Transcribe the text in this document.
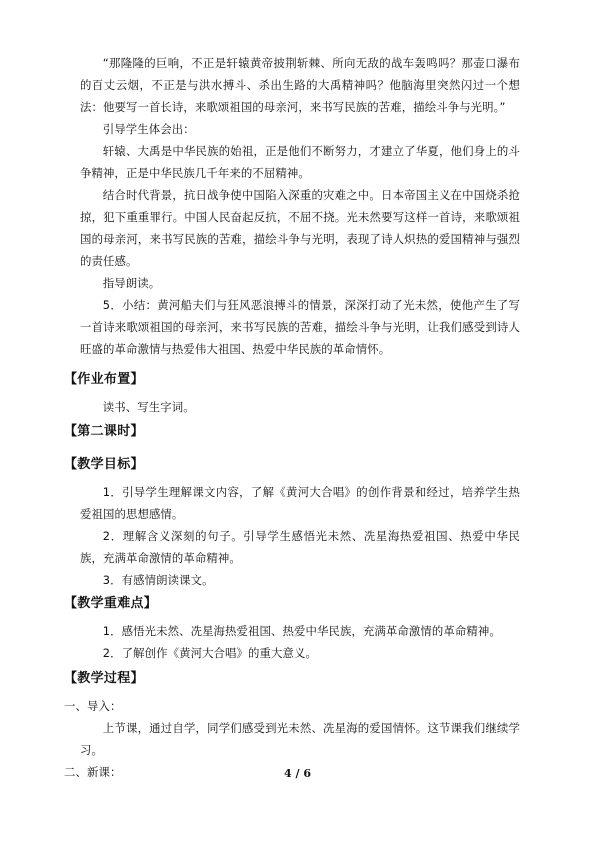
“那隆隆的巨响，不正是轩辕黄帝披荆斩棘、所向无敌的战车轰鸣吗？那壶口瀑布的百丈云烟，不正是与洪水搏斗、杀出生路的大禹精神吗？他脑海里突然闪过一个想法：他要写一首长诗，来歌颂祖国的母亲河，来书写民族的苦难，描绘斗争与光明。”

引导学生体会出：

轩辕、大禹是中华民族的始祖，正是他们不断努力，才建立了华夏，他们身上的斗争精神，正是中华民族几千年来的不屈精神。

结合时代背景，抗日战争使中国陷入深重的灾难之中。日本帝国主义在中国烧杀抢掠，犯下重重罪行。中国人民奋起反抗，不屈不挠。光未然要写这样一首诗，来歌颂祖国的母亲河，来书写民族的苦难，描绘斗争与光明，表现了诗人炽热的爱国精神与强烈的责任感。

指导朗读。

5．小结：黄河船夫们与狂风恶浪搏斗的情景，深深打动了光未然，使他产生了写一首诗来歌颂祖国的母亲河，来书写民族的苦难，描绘斗争与光明，让我们感受到诗人旺盛的革命激情与热爱伟大祖国、热爱中华民族的革命情怀。

【作业布置】

读书、写生字词。

【第二课时】
【教学目标】

1．引导学生理解课文内容，了解《黄河大合唱》的创作背景和经过，培养学生热爱祖国的思想感情。

2．理解含义深刻的句子。引导学生感悟光未然、冼星海热爱祖国、热爱中华民族，充满革命激情的革命精神。

3．有感情朗读课文。

【教学重难点】

1．感悟光未然、冼星海热爱祖国、热爱中华民族，充满革命激情的革命精神。

2．了解创作《黄河大合唱》的重大意义。

【教学过程】

一、导入：

上节课，通过自学，同学们感受到光未然、冼星海的爱国情怀。这节课我们继续学习。

二、新课：	4 / 6
